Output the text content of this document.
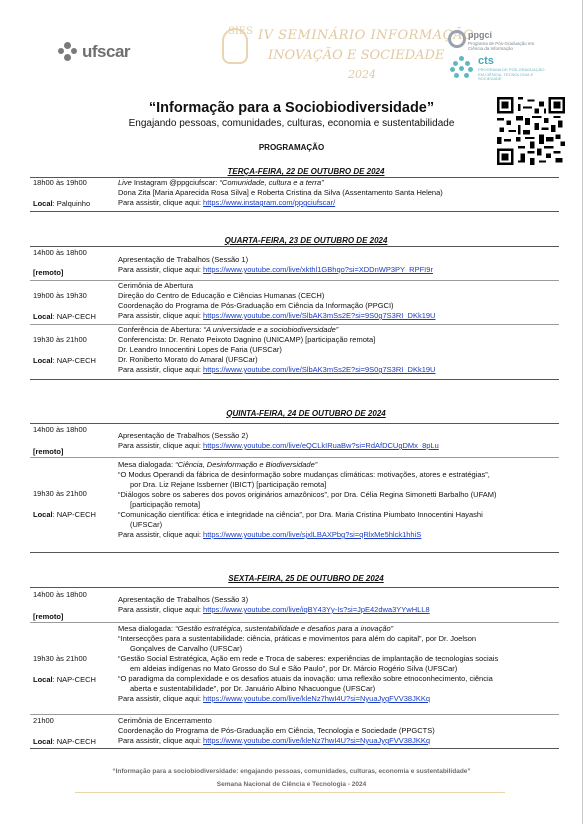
ufscar
SIES IV SEMINÁRIO INFORMAÇÃO
INOVAÇÃO E SOCIEDADE
2024
ppgci
Programa de Pós-Graduação em Ciência da Informação
cts
PROGRAMA DE PÓS-GRADUAÇÃO EM CIÊNCIA, TECNOLOGIA E SOCIEDADE
“Informação para a Sociobiodiversidade”
Engajando pessoas, comunidades, culturas, economia e sustentabilidade
PROGRAMAÇÃO
TERÇA-FEIRA, 22 DE OUTUBRO DE 2024
18h00 às 19h00
Local: Palquinho
Live Instagram @ppgciufscar: “Comunidade, cultura e a terra”
Dona Zita [Maria Aparecida Rosa Silva] e Roberta Cristina da Silva (Assentamento Santa Helena)
Para assistir, clique aqui: https://www.instagram.com/ppgciufscar/
QUARTA-FEIRA, 23 DE OUTUBRO DE 2024
14h00 às 18h00
[remoto]
Apresentação de Trabalhos (Sessão 1)
Para assistir, clique aqui: https://www.youtube.com/live/xkthl1GBhqo?si=XDDnWP3PY_RPFI9r
19h00 às 19h30
Local: NAP-CECH
Cerimônia de Abertura
Direção do Centro de Educação e Ciências Humanas (CECH)
Coordenação do Programa de Pós-Graduação em Ciência da Informação (PPGCI)
Para assistir, clique aqui: https://www.youtube.com/live/SlbAK3mSs2E?si=9S0g7S3RI_DKk19U
19h30 às 21h00
Local: NAP-CECH
Conferência de Abertura: “A universidade e a sociobiodiversidade”
Conferencista: Dr. Renato Peixoto Dagnino (UNICAMP) [participação remota]
Dr. Leandro Innocentini Lopes de Faria (UFSCar)
Dr. Roniberto Morato do Amaral (UFSCar)
Para assistir, clique aqui: https://www.youtube.com/live/SlbAK3mSs2E?si=9S0g7S3RI_DKk19U
QUINTA-FEIRA, 24 DE OUTUBRO DE 2024
14h00 às 18h00
[remoto]
Apresentação de Trabalhos (Sessão 2)
Para assistir, clique aqui: https://www.youtube.com/live/eQCLkIRuaBw?si=RdAfDCUgDMx_8pLu
19h30 às 21h00
Local: NAP-CECH
Mesa dialogada: “Ciência, Desinformação e Biodiversidade”
“O Modus Operandi da fábrica de desinformação sobre mudanças climáticas: motivações, atores e estratégias”,
por Dra. Liz Rejane Issberner (IBICT) [participação remota]
“Diálogos sobre os saberes dos povos originários amazônicos”, por Dra. Célia Regina Simonetti Barbalho (UFAM)
[participação remota]
“Comunicação científica: ética e integridade na ciência”, por Dra. Maria Cristina Piumbato Innocentini Hayashi
(UFSCar)
Para assistir, clique aqui: https://www.youtube.com/live/sjxlLBAXPbg?si=qRlxMe5hlck1hhiS
SEXTA-FEIRA, 25 DE OUTUBRO DE 2024
14h00 às 18h00
[remoto]
Apresentação de Trabalhos (Sessão 3)
Para assistir, clique aqui: https://www.youtube.com/live/iqBY43Yy-Is?si=JpE42dwa3YYwHLL8
19h30 às 21h00
Local: NAP-CECH
Mesa dialogada: “Gestão estratégica, sustentabilidade e desafios para a inovação”
“Intersecções para a sustentabilidade: ciência, práticas e movimentos para além do capital”, por Dr. Joelson
Gonçalves de Carvalho (UFSCar)
“Gestão Social Estratégica, Ação em rede e Troca de saberes: experiências de implantação de tecnologias sociais
em aldeias indígenas no Mato Grosso do Sul e São Paulo”, por Dr. Márcio Rogério Silva (UFSCar)
“O paradigma da complexidade e os desafios atuais da inovação: uma reflexão sobre etnoconhecimento, ciência
aberta e sustentabilidade”, por Dr. Januário Albino Nhacuongue (UFSCar)
Para assistir, clique aqui: https://www.youtube.com/live/kleNz7hwI4U?si=NyuaJygFVV38JKKq
21h00
Local: NAP-CECH
Cerimônia de Encerramento
Coordenação do Programa de Pós-Graduação em Ciência, Tecnologia e Sociedade (PPGCTS)
Para assistir, clique aqui: https://www.youtube.com/live/kleNz7hwI4U?si=NyuaJygFVV38JKKq
“Informação para a sociobiodiversidade: engajando pessoas, comunidades, culturas, economia e sustentabilidade”
Semana Nacional de Ciência e Tecnologia - 2024
